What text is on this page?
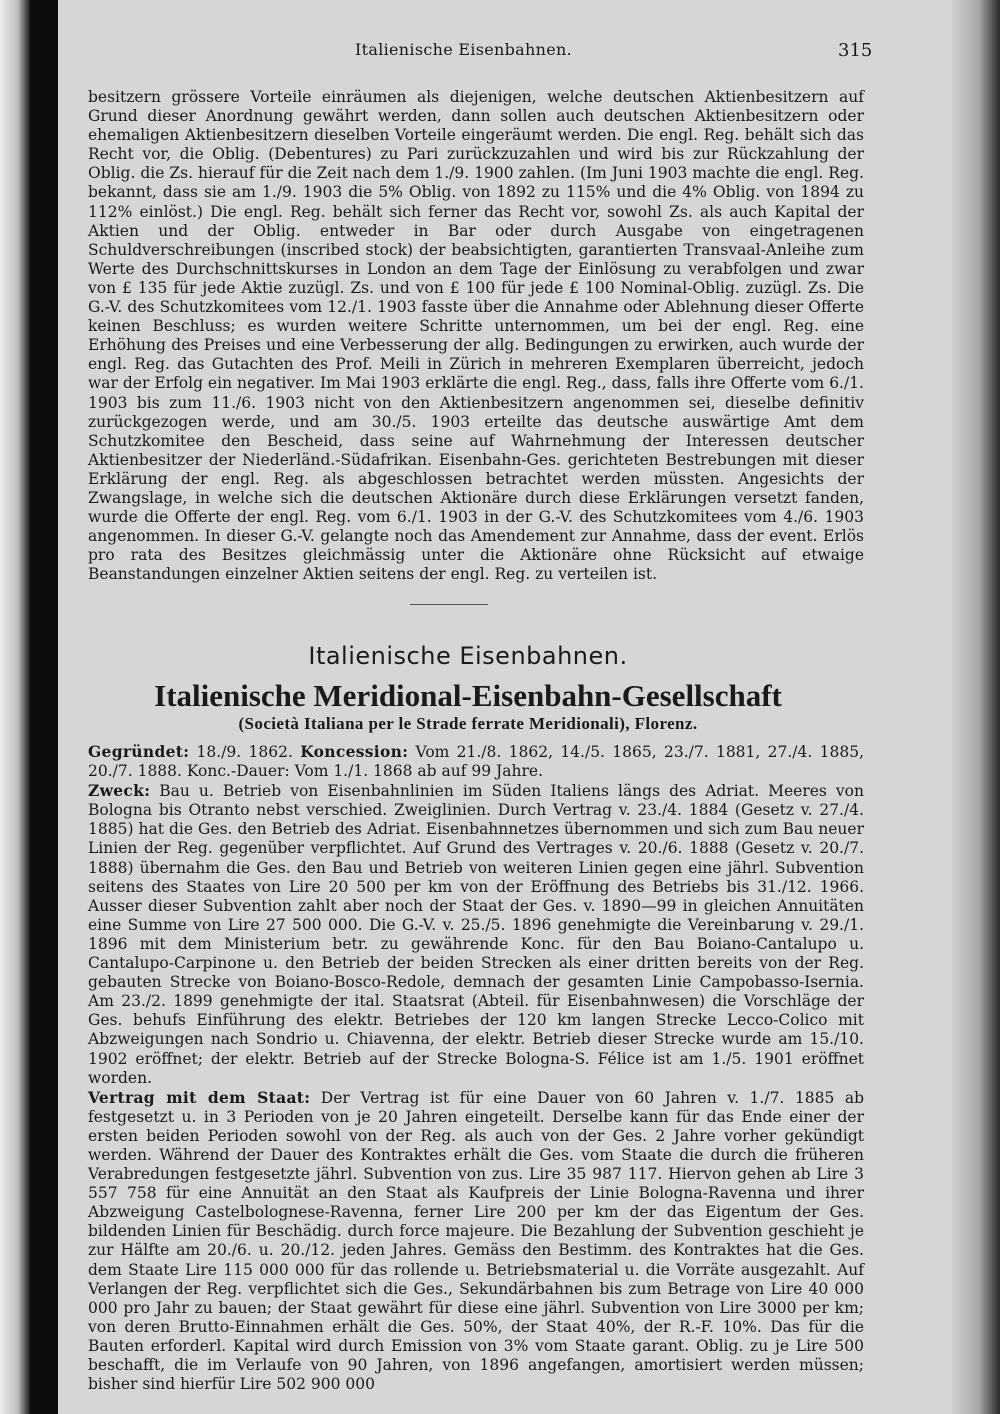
Italienische Eisenbahnen.	315

besitzern grössere Vorteile einräumen als diejenigen, welche deutschen Aktienbesitzern auf Grund dieser Anordnung gewährt werden, dann sollen auch deutschen Aktienbesitzern oder ehemaligen Aktienbesitzern dieselben Vorteile eingeräumt werden. Die engl. Reg. behält sich das Recht vor, die Oblig. (Debentures) zu Pari zurückzuzahlen und wird bis zur Rückzahlung der Oblig. die Zs. hierauf für die Zeit nach dem 1./9. 1900 zahlen. (Im Juni 1903 machte die engl. Reg. bekannt, dass sie am 1./9. 1903 die 5% Oblig. von 1892 zu 115% und die 4% Oblig. von 1894 zu 112% einlöst.) Die engl. Reg. behält sich ferner das Recht vor, sowohl Zs. als auch Kapital der Aktien und der Oblig. entweder in Bar oder durch Ausgabe von eingetragenen Schuldverschreibungen (inscribed stock) der beabsichtigten, garantierten Transvaal-Anleihe zum Werte des Durchschnittskurses in London an dem Tage der Einlösung zu verabfolgen und zwar von £ 135 für jede Aktie zuzügl. Zs. und von £ 100 für jede £ 100 Nominal-Oblig. zuzügl. Zs. Die G.-V. des Schutzkomitees vom 12./1. 1903 fasste über die Annahme oder Ablehnung dieser Offerte keinen Beschluss; es wurden weitere Schritte unternommen, um bei der engl. Reg. eine Erhöhung des Preises und eine Verbesserung der allg. Bedingungen zu erwirken, auch wurde der engl. Reg. das Gutachten des Prof. Meili in Zürich in mehreren Exemplaren überreicht, jedoch war der Erfolg ein negativer. Im Mai 1903 erklärte die engl. Reg., dass, falls ihre Offerte vom 6./1. 1903 bis zum 11./6. 1903 nicht von den Aktienbesitzern angenommen sei, dieselbe definitiv zurückgezogen werde, und am 30./5. 1903 erteilte das deutsche auswärtige Amt dem Schutzkomitee den Bescheid, dass seine auf Wahrnehmung der Interessen deutscher Aktienbesitzer der Niederländ.-Südafrikan. Eisenbahn-Ges. gerichteten Bestrebungen mit dieser Erklärung der engl. Reg. als abgeschlossen betrachtet werden müssten. Angesichts der Zwangslage, in welche sich die deutschen Aktionäre durch diese Erklärungen versetzt fanden, wurde die Offerte der engl. Reg. vom 6./1. 1903 in der G.-V. des Schutzkomitees vom 4./6. 1903 angenommen. In dieser G.-V. gelangte noch das Amendement zur Annahme, dass der event. Erlös pro rata des Besitzes gleichmässig unter die Aktionäre ohne Rücksicht auf etwaige Beanstandungen einzelner Aktien seitens der engl. Reg. zu verteilen ist.

Italienische Eisenbahnen.
Italienische Meridional-Eisenbahn-Gesellschaft
(Società Italiana per le Strade ferrate Meridionali), Florenz.

Gegründet: 18./9. 1862. Koncession: Vom 21./8. 1862, 14./5. 1865, 23./7. 1881, 27./4. 1885, 20./7. 1888. Konc.-Dauer: Vom 1./1. 1868 ab auf 99 Jahre.

Zweck: Bau u. Betrieb von Eisenbahnlinien im Süden Italiens längs des Adriat. Meeres von Bologna bis Otranto nebst verschied. Zweiglinien. Durch Vertrag v. 23./4. 1884 (Gesetz v. 27./4. 1885) hat die Ges. den Betrieb des Adriat. Eisenbahnnetzes übernommen und sich zum Bau neuer Linien der Reg. gegenüber verpflichtet. Auf Grund des Vertrages v. 20./6. 1888 (Gesetz v. 20./7. 1888) übernahm die Ges. den Bau und Betrieb von weiteren Linien gegen eine jährl. Subvention seitens des Staates von Lire 20 500 per km von der Eröffnung des Betriebs bis 31./12. 1966. Ausser dieser Subvention zahlt aber noch der Staat der Ges. v. 1890—99 in gleichen Annuitäten eine Summe von Lire 27 500 000. Die G.-V. v. 25./5. 1896 genehmigte die Vereinbarung v. 29./1. 1896 mit dem Ministerium betr. zu gewährende Konc. für den Bau Boiano-Cantalupo u. Cantalupo-Carpinone u. den Betrieb der beiden Strecken als einer dritten bereits von der Reg. gebauten Strecke von Boiano-Bosco-Redole, demnach der gesamten Linie Campobasso-Isernia. Am 23./2. 1899 genehmigte der ital. Staatsrat (Abteil. für Eisenbahnwesen) die Vorschläge der Ges. behufs Einführung des elektr. Betriebes der 120 km langen Strecke Lecco-Colico mit Abzweigungen nach Sondrio u. Chiavenna, der elektr. Betrieb dieser Strecke wurde am 15./10. 1902 eröffnet; der elektr. Betrieb auf der Strecke Bologna-S. Félice ist am 1./5. 1901 eröffnet worden.

Vertrag mit dem Staat: Der Vertrag ist für eine Dauer von 60 Jahren v. 1./7. 1885 ab festgesetzt u. in 3 Perioden von je 20 Jahren eingeteilt. Derselbe kann für das Ende einer der ersten beiden Perioden sowohl von der Reg. als auch von der Ges. 2 Jahre vorher gekündigt werden. Während der Dauer des Kontraktes erhält die Ges. vom Staate die durch die früheren Verabredungen festgesetzte jährl. Subvention von zus. Lire 35 987 117. Hiervon gehen ab Lire 3 557 758 für eine Annuität an den Staat als Kaufpreis der Linie Bologna-Ravenna und ihrer Abzweigung Castelbolognese-Ravenna, ferner Lire 200 per km der das Eigentum der Ges. bildenden Linien für Beschädig. durch force majeure. Die Bezahlung der Subvention geschieht je zur Hälfte am 20./6. u. 20./12. jeden Jahres. Gemäss den Bestimm. des Kontraktes hat die Ges. dem Staate Lire 115 000 000 für das rollende u. Betriebsmaterial u. die Vorräte ausgezahlt. Auf Verlangen der Reg. verpflichtet sich die Ges., Sekundärbahnen bis zum Betrage von Lire 40 000 000 pro Jahr zu bauen; der Staat gewährt für diese eine jährl. Subvention von Lire 3000 per km; von deren Brutto-Einnahmen erhält die Ges. 50%, der Staat 40%, der R.-F. 10%. Das für die Bauten erforderl. Kapital wird durch Emission von 3% vom Staate garant. Oblig. zu je Lire 500 beschafft, die im Verlaufe von 90 Jahren, von 1896 angefangen, amortisiert werden müssen; bisher sind hierfür Lire 502 900 000
